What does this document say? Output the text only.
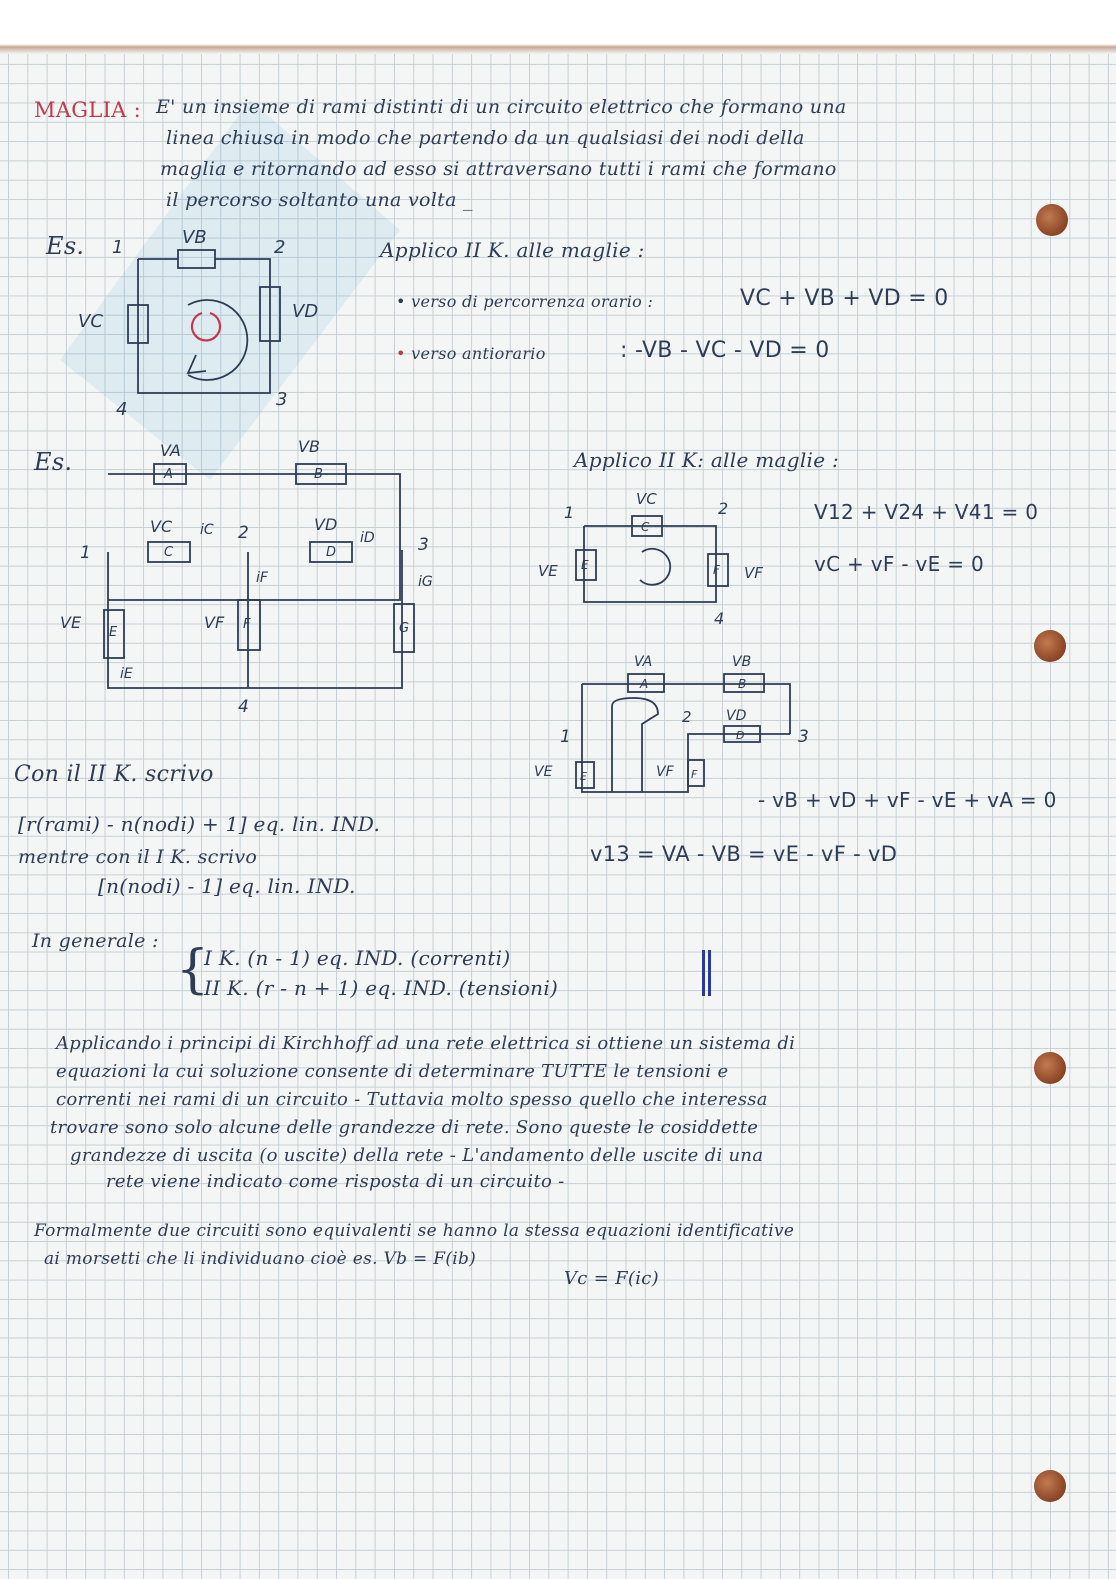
MAGLIA : E' un insieme di rami distinti di un circuito elettrico che formano una
linea chiusa in modo che partendo da un qualsiasi dei nodi della
maglia e ritornando ad esso si attraversano tutti i rami che formano
il percorso soltanto una volta _
Es. 1	2
3
4
VB
VC	VD
Applico II K. alle maglie :
• verso di percorrenza orario :	VC + VB + VD = 0
• verso antiorario	: -VB - VC - VD = 0
Es.
1
2
3
4
VA	VB
VC	VD
VE	VF
A	B
C	D
E
F	G
iC	iD
iF	iG
iE
Applico II K: alle maglie :
1	2
4
VC
VE	VF
C
E	F
V12 + V24 + V41 = 0
vC + vF - vE = 0
1
2
3
VA	VB
VD
VE	VF
A	B
D
E	F
- vB + vD + vF - vE + vA = 0
v13 = VA - VB = vE - vF - vD
Con il II K. scrivo
[r(rami) - n(nodi) + 1] eq. lin. IND.
mentre con il I K. scrivo
[n(nodi) - 1] eq. lin. IND.
In generale : {
I K. (n - 1) eq. IND. (correnti)
II K. (r - n + 1) eq. IND. (tensioni)
Applicando i principi di Kirchhoff ad una rete elettrica si ottiene un sistema di
equazioni la cui soluzione consente di determinare TUTTE le tensioni e
correnti nei rami di un circuito - Tuttavia molto spesso quello che interessa
trovare sono solo alcune delle grandezze di rete. Sono queste le cosiddette
grandezze di uscita (o uscite) della rete - L'andamento delle uscite di una
rete viene indicato come risposta di un circuito -
Formalmente due circuiti sono equivalenti se hanno la stessa equazioni identificative
ai morsetti che li individuano cioè es. Vb = F(ib)
Vc = F(ic)
